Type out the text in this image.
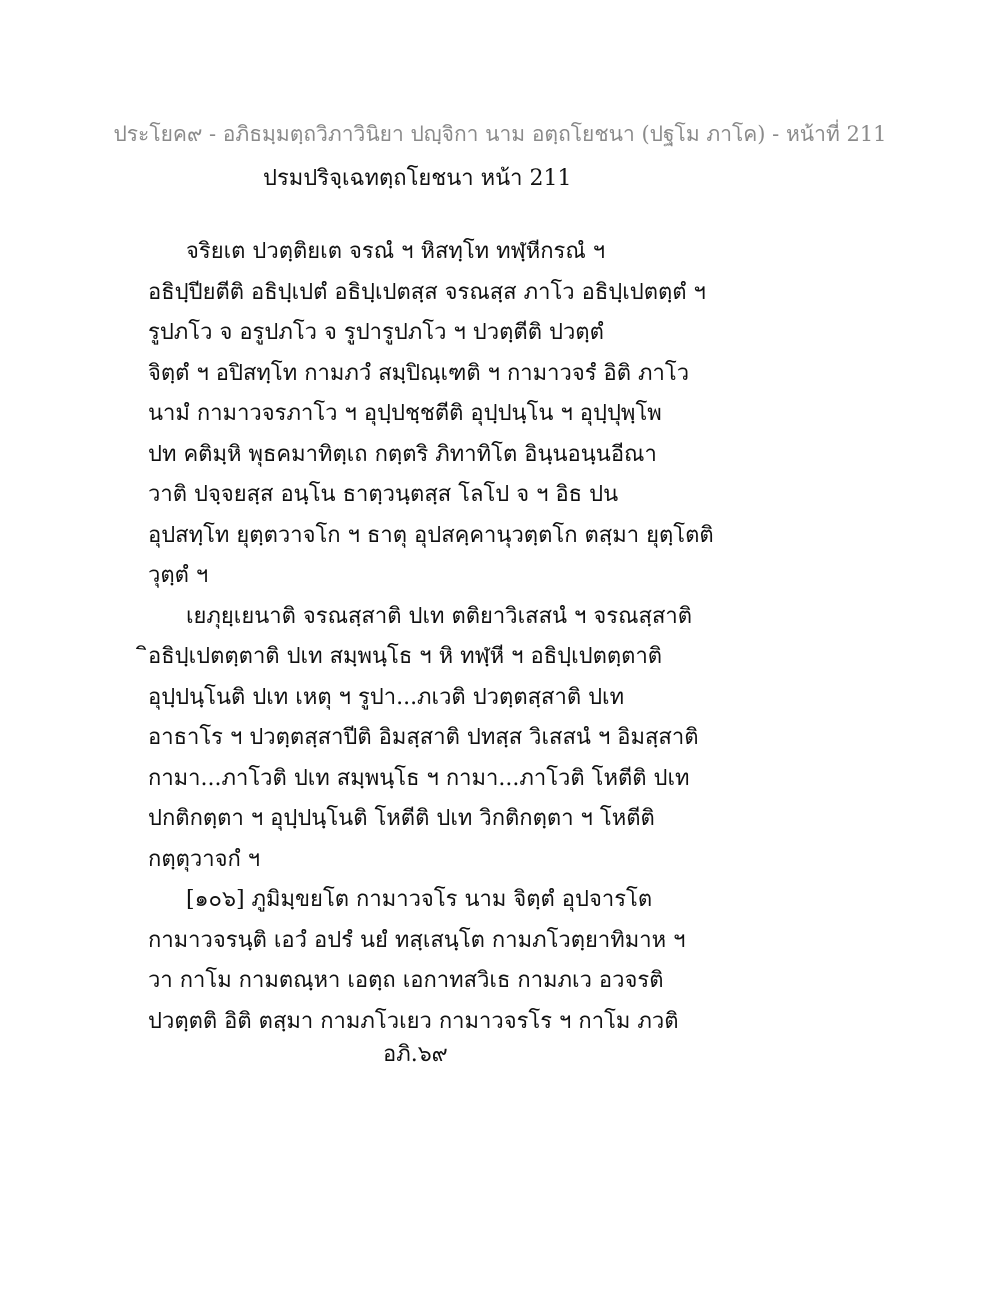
ประโยค๙ - อภิธมฺมตฺถวิภาวินิยา ปญฺจิกา นาม อตฺถโยชนา (ปฐโม ภาโค) - หน้าที่ 211
ปรมปริจฺเฉทตฺถโยชนา หน้า 211
จริยเต ปวตฺติยเต จรณํ ฯ หิสทฺโท ทฬฺหีกรณํ ฯ
อธิปฺปียตีติ อธิปฺเปตํ อธิปฺเปตสฺส จรณสฺส ภาโว อธิปฺเปตตฺตํ ฯ
รูปภโว จ อรูปภโว จ รูปารูปภโว ฯ ปวตฺตีติ ปวตฺตํ
จิตฺตํ ฯ อปิสทฺโท กามภวํ สมฺปิณฺเฑติ ฯ กามาวจรํ อิติ ภาโว
นามํ กามาวจรภาโว ฯ อุปฺปชฺชตีติ อุปฺปนฺโน ฯ อุปฺปุพฺโพ
ปท คติมฺหิ พุธคมาทิตฺเถ กตฺตริ ภิทาทิโต อินฺนอนฺนอีณา
วาติ ปจฺจยสฺส อนฺโน ธาตฺวนฺตสฺส โลโป จ ฯ อิธ ปน
อุปสทฺโท ยุตฺตวาจโก ฯ ธาตุ อุปสคฺคานุวตฺตโก ตสฺมา ยุตฺโตติ
วุตฺตํ ฯ
เยภุยฺเยนาติ จรณสฺสาติ ปเท ตติยาวิเสสนํ ฯ จรณสฺสาติ
ิอธิปฺเปตตฺตาติ ปเท สมฺพนฺโธ ฯ หิ ทฬฺหี ฯ อธิปฺเปตตฺตาติ
อุปฺปนฺโนติ ปเท เหตุ ฯ รูปา...ภเวติ ปวตฺตสฺสาติ ปเท
อาธาโร ฯ ปวตฺตสฺสาปีติ อิมสฺสาติ ปทสฺส วิเสสนํ ฯ อิมสฺสาติ
กามา...ภาโวติ ปเท สมฺพนฺโธ ฯ กามา...ภาโวติ โหตีติ ปเท
ปกติกตฺตา ฯ อุปฺปนฺโนติ โหตีติ ปเท วิกติกตฺตา ฯ โหตีติ
กตฺตุวาจกํ ฯ
[๑๐๖] ภูมิมฺขยโต กามาวจโร นาม จิตฺตํ อุปจารโต
กามาวจรนฺติ เอวํ อปรํ นยํ ทสฺเสนฺโต กามภโวตฺยาทิมาห ฯ
วา กาโม กามตณฺหา เอตฺถ เอกาทสวิเธ กามภเว อวจรติ
ปวตฺตติ อิติ ตสฺมา กามภโวเยว กามาวจรโร ฯ กาโม ภวติ
อภิ.๖๙
